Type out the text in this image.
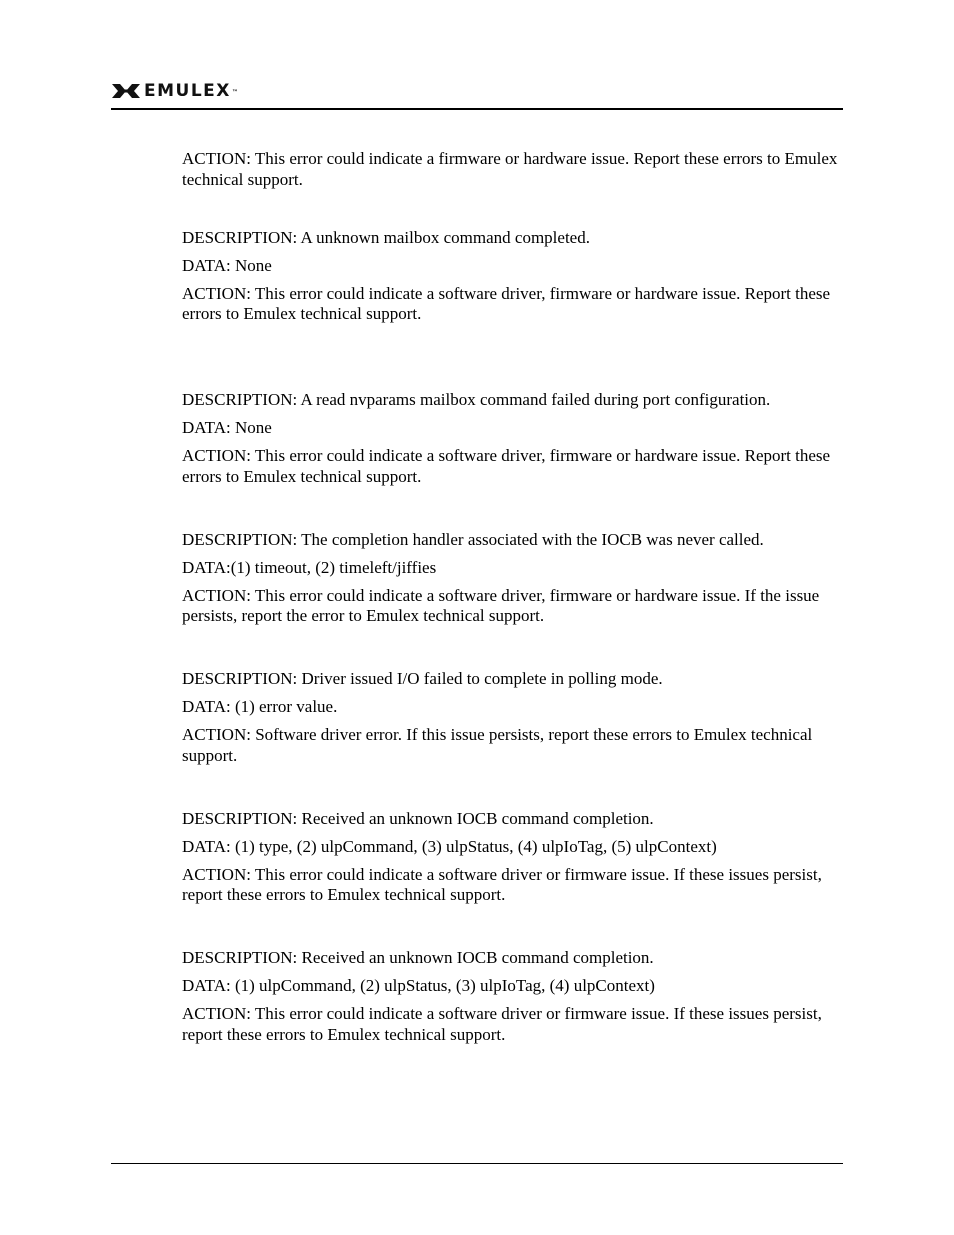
EMULEX™

ACTION: This error could indicate a firmware or hardware issue. Report these errors to Emulex technical support.

DESCRIPTION: A unknown mailbox command completed.

DATA: None

ACTION: This error could indicate a software driver, firmware or hardware issue. Report these errors to Emulex technical support.

DESCRIPTION: A read nvparams mailbox command failed during port configuration.

DATA: None

ACTION: This error could indicate a software driver, firmware or hardware issue. Report these errors to Emulex technical support.

DESCRIPTION: The completion handler associated with the IOCB was never called.

DATA:(1) timeout, (2) timeleft/jiffies

ACTION: This error could indicate a software driver, firmware or hardware issue. If the issue persists, report the error to Emulex technical support.

DESCRIPTION: Driver issued I/O failed to complete in polling mode.

DATA: (1) error value.

ACTION: Software driver error. If this issue persists, report these errors to Emulex technical support.

DESCRIPTION: Received an unknown IOCB command completion.

DATA: (1) type, (2) ulpCommand, (3) ulpStatus, (4) ulpIoTag, (5) ulpContext)

ACTION: This error could indicate a software driver or firmware issue. If these issues persist, report these errors to Emulex technical support.

DESCRIPTION: Received an unknown IOCB command completion.

DATA: (1) ulpCommand, (2) ulpStatus, (3) ulpIoTag, (4) ulpContext)

ACTION: This error could indicate a software driver or firmware issue. If these issues persist, report these errors to Emulex technical support.
